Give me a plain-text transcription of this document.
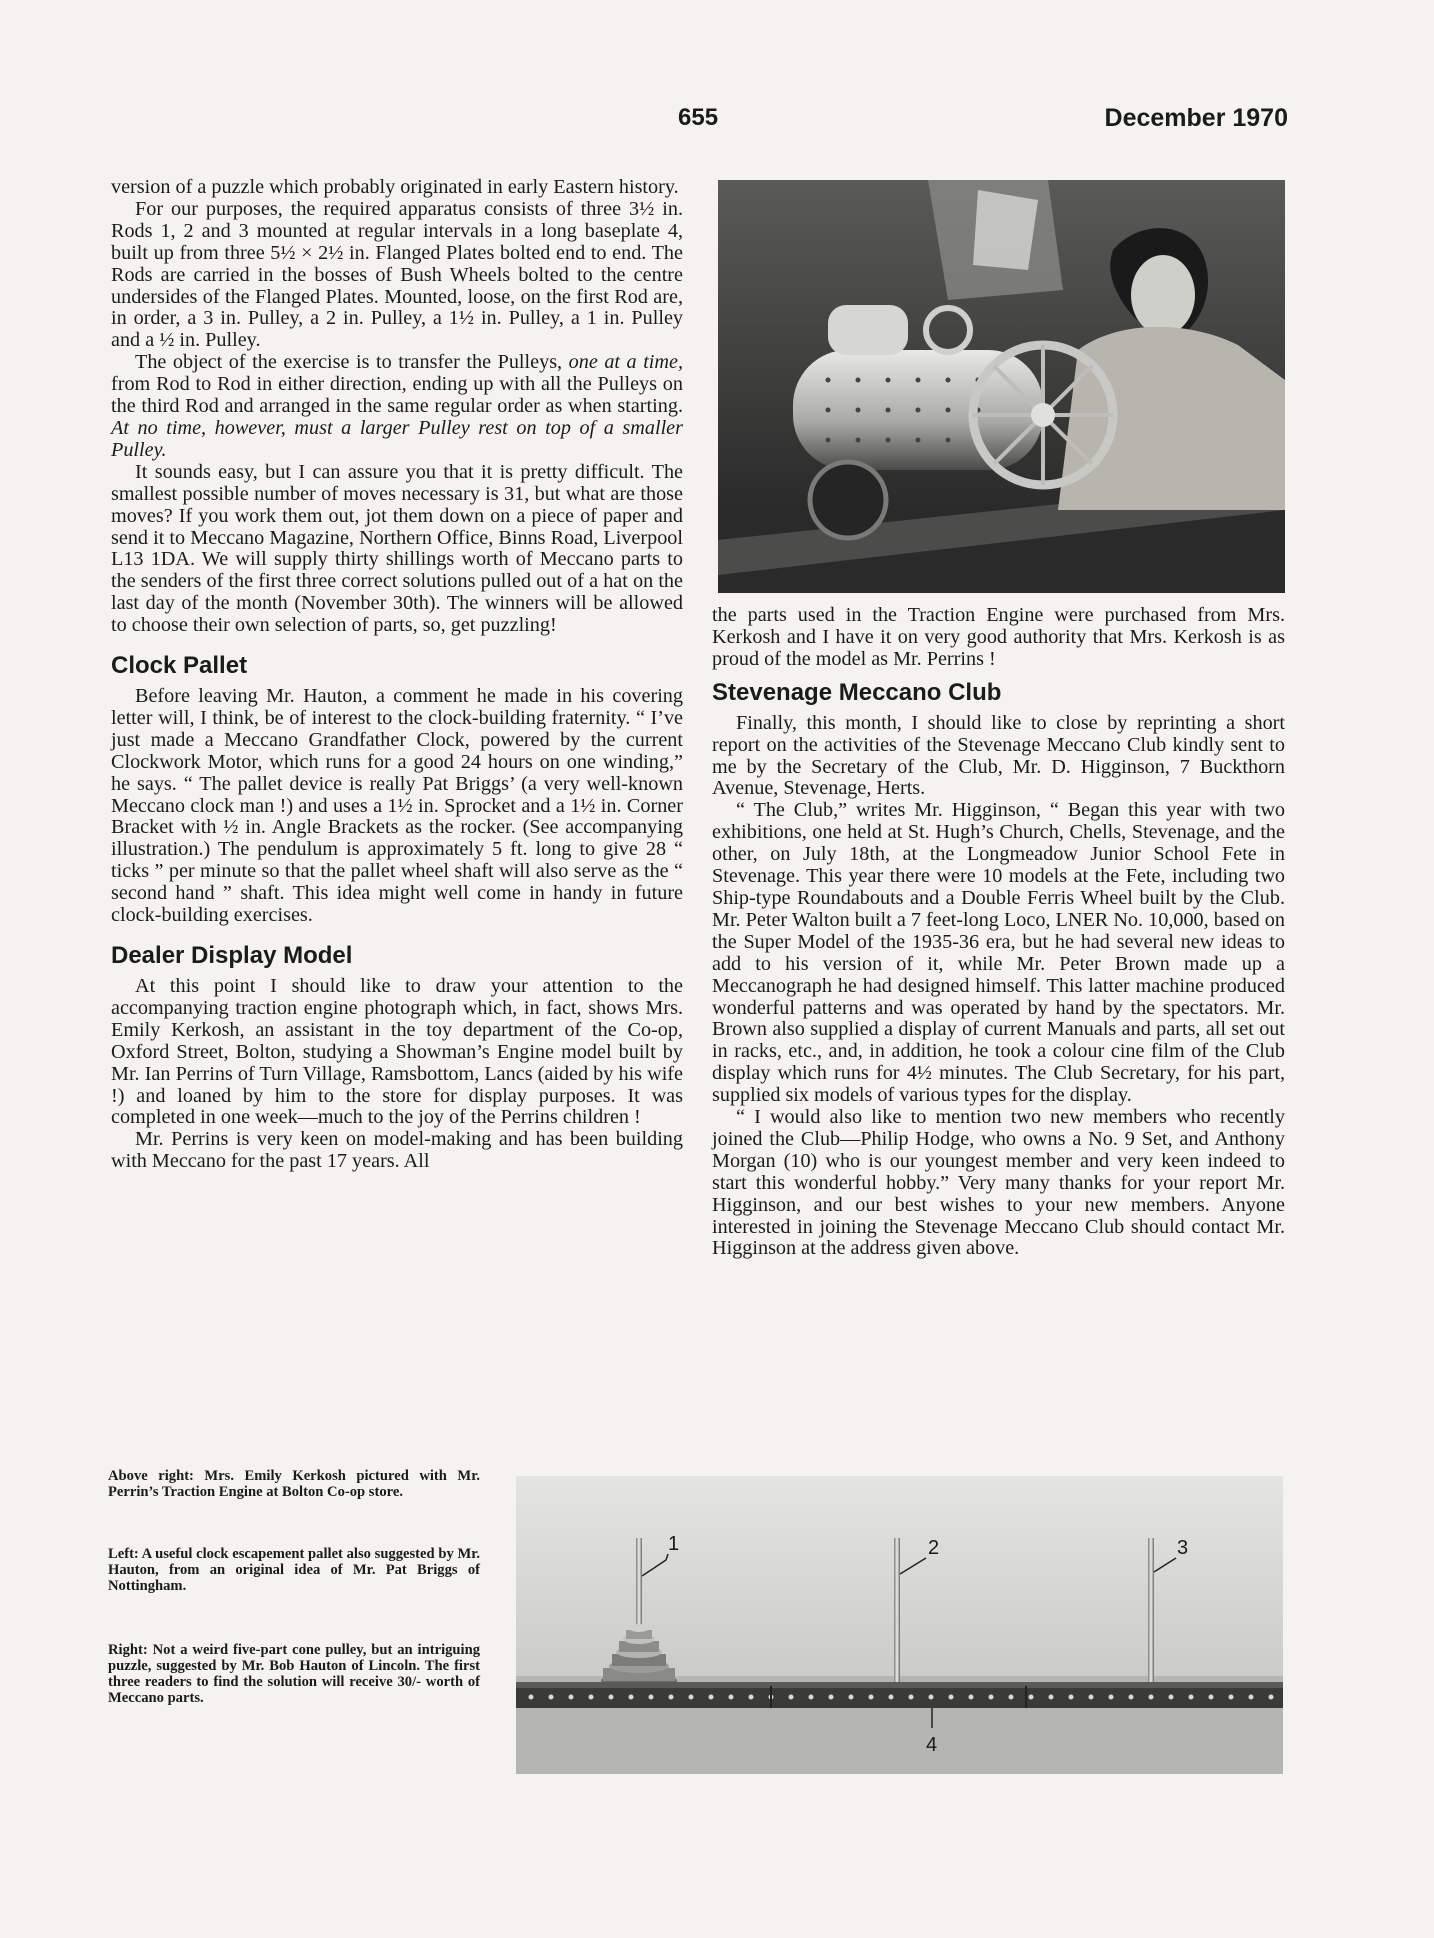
655	December 1970

version of a puzzle which probably originated in early Eastern history.

For our purposes, the required apparatus consists of three 3½ in. Rods 1, 2 and 3 mounted at regular intervals in a long baseplate 4, built up from three 5½ × 2½ in. Flanged Plates bolted end to end. The Rods are carried in the bosses of Bush Wheels bolted to the centre undersides of the Flanged Plates. Mounted, loose, on the first Rod are, in order, a 3 in. Pulley, a 2 in. Pulley, a 1½ in. Pulley, a 1 in. Pulley and a ½ in. Pulley.

The object of the exercise is to transfer the Pulleys, one at a time, from Rod to Rod in either direction, ending up with all the Pulleys on the third Rod and arranged in the same regular order as when starting. At no time, however, must a larger Pulley rest on top of a smaller Pulley.

It sounds easy, but I can assure you that it is pretty difficult. The smallest possible number of moves necessary is 31, but what are those moves? If you work them out, jot them down on a piece of paper and send it to Meccano Magazine, Northern Office, Binns Road, Liverpool L13 1DA. We will supply thirty shillings worth of Meccano parts to the senders of the first three correct solutions pulled out of a hat on the last day of the month (November 30th). The winners will be allowed to choose their own selection of parts, so, get puzzling!

Clock Pallet

Before leaving Mr. Hauton, a comment he made in his covering letter will, I think, be of interest to the clock-building fraternity. “ I’ve just made a Meccano Grandfather Clock, powered by the current Clockwork Motor, which runs for a good 24 hours on one winding,” he says. “ The pallet device is really Pat Briggs’ (a very well-known Meccano clock man !) and uses a 1½ in. Sprocket and a 1½ in. Corner Bracket with ½ in. Angle Brackets as the rocker. (See accompanying illustration.) The pendulum is approximately 5 ft. long to give 28 “ ticks ” per minute so that the pallet wheel shaft will also serve as the “ second hand ” shaft. This idea might well come in handy in future clock-building exercises.

Dealer Display Model

At this point I should like to draw your attention to the accompanying traction engine photograph which, in fact, shows Mrs. Emily Kerkosh, an assistant in the toy department of the Co-op, Oxford Street, Bolton, studying a Showman’s Engine model built by Mr. Ian Perrins of Turn Village, Ramsbottom, Lancs (aided by his wife !) and loaned by him to the store for display purposes. It was completed in one week—much to the joy of the Perrins children !

Mr. Perrins is very keen on model-making and has been building with Meccano for the past 17 years. All

the parts used in the Traction Engine were purchased from Mrs. Kerkosh and I have it on very good authority that Mrs. Kerkosh is as proud of the model as Mr. Perrins !

Stevenage Meccano Club

Finally, this month, I should like to close by reprinting a short report on the activities of the Stevenage Meccano Club kindly sent to me by the Secretary of the Club, Mr. D. Higginson, 7 Buckthorn Avenue, Stevenage, Herts.

“ The Club,” writes Mr. Higginson, “ Began this year with two exhibitions, one held at St. Hugh’s Church, Chells, Stevenage, and the other, on July 18th, at the Longmeadow Junior School Fete in Stevenage. This year there were 10 models at the Fete, including two Ship-type Roundabouts and a Double Ferris Wheel built by the Club. Mr. Peter Walton built a 7 feet-long Loco, LNER No. 10,000, based on the Super Model of the 1935-36 era, but he had several new ideas to add to his version of it, while Mr. Peter Brown made up a Meccanograph he had designed himself. This latter machine produced wonderful patterns and was operated by hand by the spectators. Mr. Brown also supplied a display of current Manuals and parts, all set out in racks, etc., and, in addition, he took a colour cine film of the Club display which runs for 4½ minutes. The Club Secretary, for his part, supplied six models of various types for the display.

“ I would also like to mention two new members who recently joined the Club—Philip Hodge, who owns a No. 9 Set, and Anthony Morgan (10) who is our youngest member and very keen indeed to start this wonderful hobby.” Very many thanks for your report Mr. Higginson, and our best wishes to your new members. Anyone interested in joining the Stevenage Meccano Club should contact Mr. Higginson at the address given above.

Above right: Mrs. Emily Kerkosh pictured with Mr. Perrin’s Traction Engine at Bolton Co-op store.

Left: A useful clock escapement pallet also suggested by Mr. Hauton, from an original idea of Mr. Pat Briggs of Nottingham.

Right: Not a weird five-part cone pulley, but an intriguing puzzle, suggested by Mr. Bob Hauton of Lincoln. The first three readers to find the solution will receive 30/- worth of Meccano parts.

1	2	3
4
